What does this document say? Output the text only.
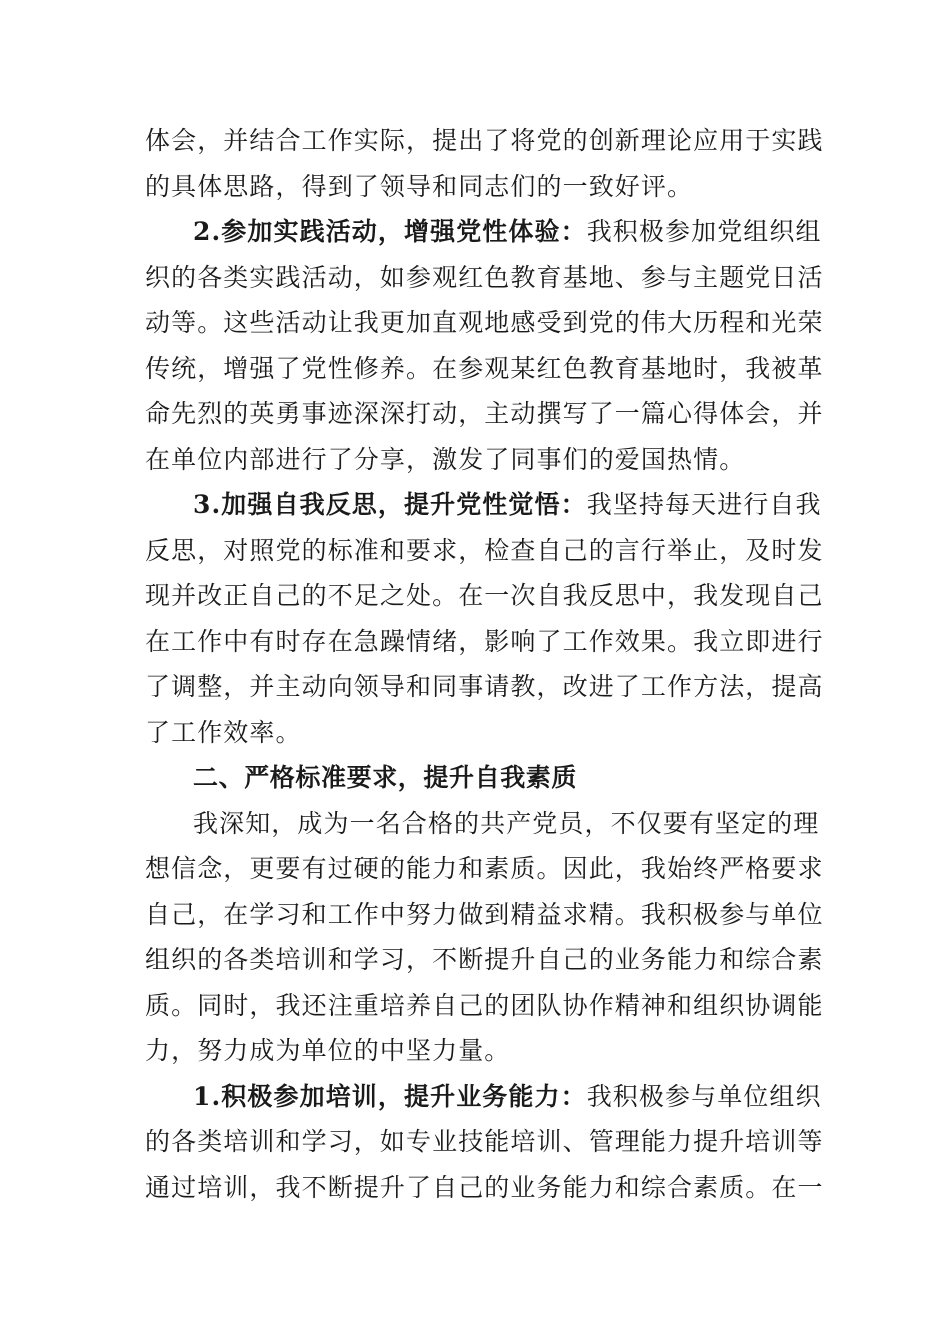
体会，并结合工作实际，提出了将党的创新理论应用于实践
的具体思路，得到了领导和同志们的一致好评。
2.参加实践活动，增强党性体验：我积极参加党组织组
织的各类实践活动，如参观红色教育基地、参与主题党日活
动等。这些活动让我更加直观地感受到党的伟大历程和光荣
传统，增强了党性修养。在参观某红色教育基地时，我被革
命先烈的英勇事迹深深打动，主动撰写了一篇心得体会，并
在单位内部进行了分享，激发了同事们的爱国热情。
3.加强自我反思，提升党性觉悟：我坚持每天进行自我
反思，对照党的标准和要求，检查自己的言行举止，及时发
现并改正自己的不足之处。在一次自我反思中，我发现自己
在工作中有时存在急躁情绪，影响了工作效果。我立即进行
了调整，并主动向领导和同事请教，改进了工作方法，提高
了工作效率。
二、严格标准要求，提升自我素质
我深知，成为一名合格的共产党员，不仅要有坚定的理
想信念，更要有过硬的能力和素质。因此，我始终严格要求
自己，在学习和工作中努力做到精益求精。我积极参与单位
组织的各类培训和学习，不断提升自己的业务能力和综合素
质。同时，我还注重培养自己的团队协作精神和组织协调能
力，努力成为单位的中坚力量。
1.积极参加培训，提升业务能力：我积极参与单位组织
的各类培训和学习，如专业技能培训、管理能力提升培训等
通过培训，我不断提升了自己的业务能力和综合素质。在一
